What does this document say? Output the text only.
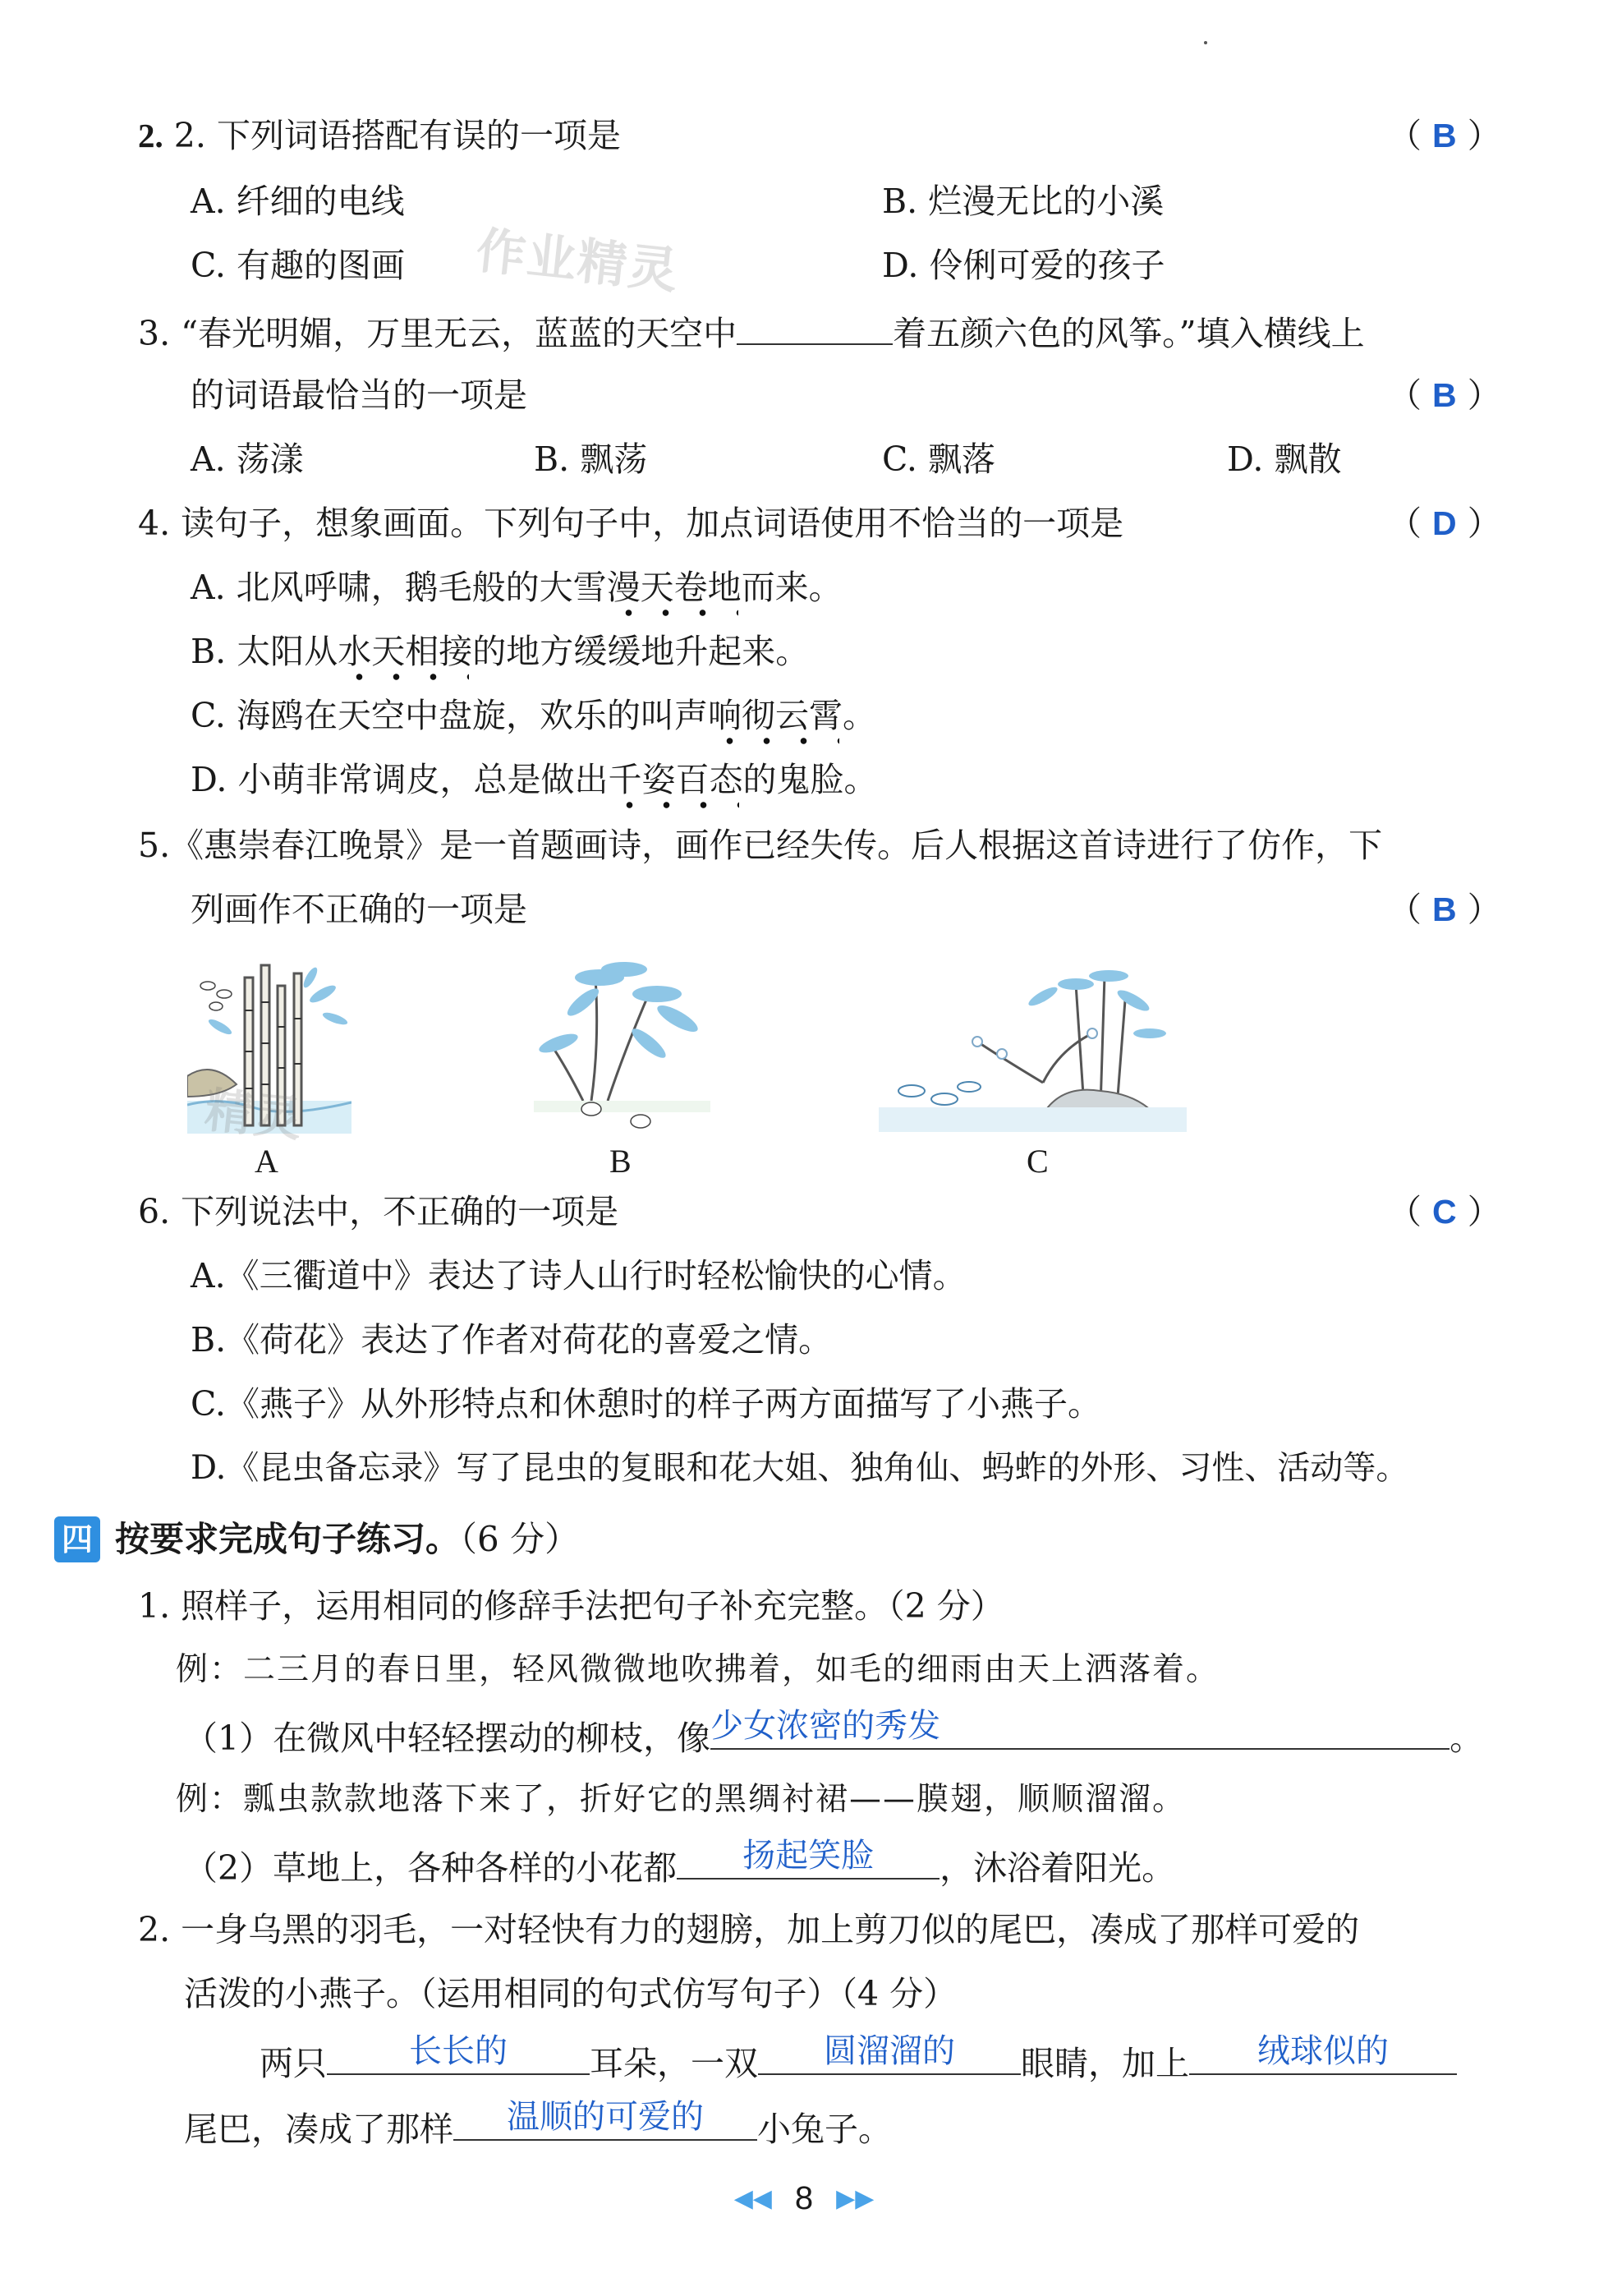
2. 2. 下列词语搭配有误的一项是	（ B ）
A. 纤细的电线	B. 烂漫无比的小溪
C. 有趣的图画	D. 伶俐可爱的孩子
作业精灵
3. “春光明媚，万里无云，蓝蓝的天空中	着五颜六色的风筝。”填入横线上
的词语最恰当的一项是	（ B ）
A. 荡漾	B. 飘荡	C. 飘落	D. 飘散
4. 读句子，想象画面。下列句子中，加点词语使用不恰当的一项是	（ D ）
A. 北风呼啸，鹅毛般的大雪漫天卷地而来。
B. 太阳从水天相接的地方缓缓地升起来。
C. 海鸥在天空中盘旋，欢乐的叫声响彻云霄。
D. 小萌非常调皮，总是做出千姿百态的鬼脸。
5.《惠崇春江晚景》是一首题画诗，画作已经失传。后人根据这首诗进行了仿作，下
列画作不正确的一项是	（ B ）
精灵
A	B	C
6. 下列说法中，不正确的一项是	（ C ）
A.《三衢道中》表达了诗人山行时轻松愉快的心情。
B.《荷花》表达了作者对荷花的喜爱之情。
C.《燕子》从外形特点和休憩时的样子两方面描写了小燕子。
D.《昆虫备忘录》写了昆虫的复眼和花大姐、独角仙、蚂蚱的外形、习性、活动等。
四 按要求完成句子练习。（6 分）
1. 照样子，运用相同的修辞手法把句子补充完整。（2 分）
例：二三月的春日里，轻风微微地吹拂着，如毛的细雨由天上洒落着。
（1）在微风中轻轻摆动的柳枝，像 少女浓密的秀发	。
例：瓢虫款款地落下来了，折好它的黑绸衬裙——膜翅，顺顺溜溜。
（2）草地上，各种各样的小花都	扬起笑脸	，沐浴着阳光。
2. 一身乌黑的羽毛，一对轻快有力的翅膀，加上剪刀似的尾巴，凑成了那样可爱的
活泼的小燕子。（运用相同的句式仿写句子）（4 分）
两只	长长的	耳朵，一双	圆溜溜的	眼睛，加上	绒球似的
尾巴，凑成了那样	温顺的可爱的	小兔子。
◀◀ 8 ▶▶
